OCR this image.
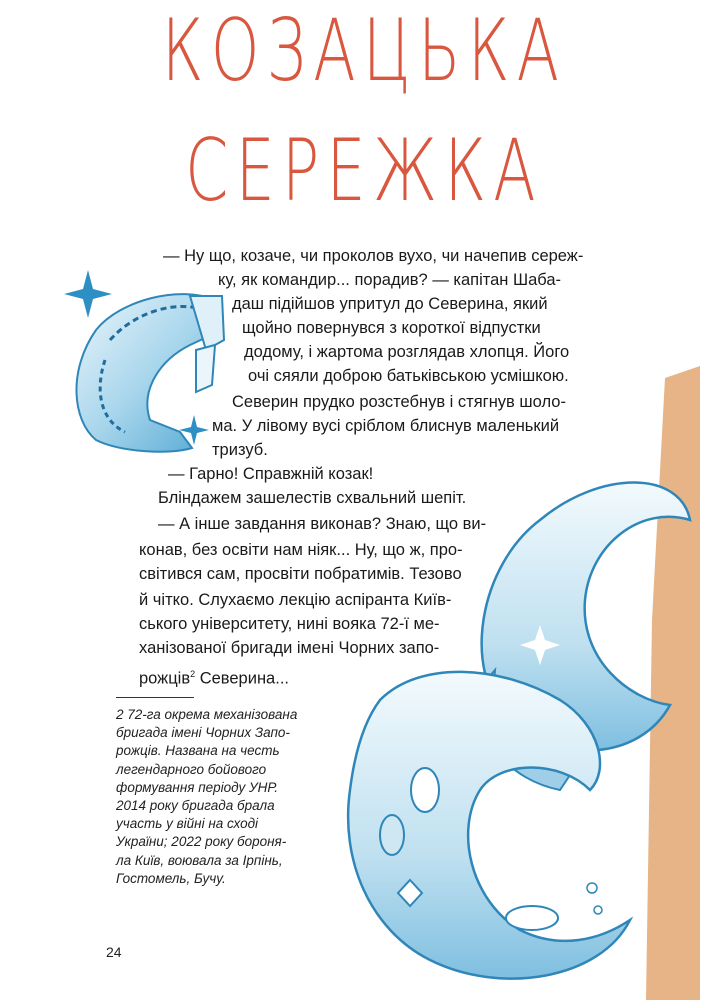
КОЗАЦЬКА
СЕРЕЖКА
— Ну що, козаче, чи проколов вухо, чи начепив сереж-
ку, як командир... порадив? — капітан Шаба-
даш підійшов упритул до Северина, який
щойно повернувся з короткої відпустки
додому, і жартома розглядав хлопця. Його
очі сяяли доброю батьківською усмішкою.
Северин прудко розстебнув і стягнув шоло-
ма. У лівому вусі сріблом блиснув маленький
тризуб.
— Гарно! Справжній козак!
Бліндажем зашелестів схвальний шепіт.
— А інше завдання виконав? Знаю, що ви-
конав, без освіти нам ніяк... Ну, що ж, про-
світився сам, просвіти побратимів. Тезово
й чітко. Слухаємо лекцію аспіранта Київ-
ського університету, нині вояка 72-ї ме-
ханізованої бригади імені Чорних запо-
рожців$^2$ Северина...
2 72-га окрема механізована
бригада імені Чорних Запо-
рожців. Названа на честь
легендарного бойового
формування періоду УНР.
2014 року бригада брала
участь у війні на сході
України; 2022 року бороня-
ла Київ, воювала за Ірпінь,
Гостомель, Бучу.
24
